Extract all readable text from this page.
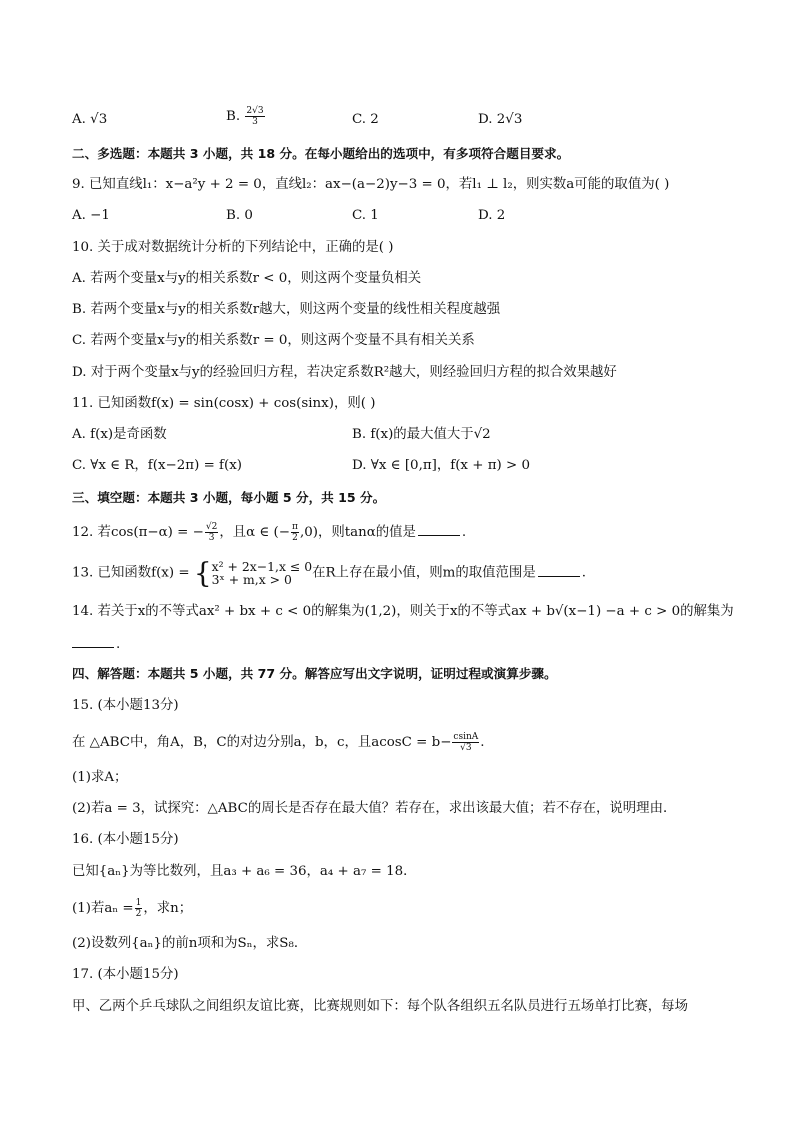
A. √3	B. $\frac{2√3}{3}$	C. 2	D. 2√3
二、多选题：本题共 3 小题，共 18 分。在每小题给出的选项中，有多项符合题目要求。
9. 已知直线l₁：x−a²y + 2 = 0，直线l₂：ax−(a−2)y−3 = 0，若l₁ ⊥ l₂，则实数a可能的取值为( )
A. −1	B. 0	C. 1	D. 2
10. 关于成对数据统计分析的下列结论中，正确的是( )
A. 若两个变量x与y的相关系数r < 0，则这两个变量负相关
B. 若两个变量x与y的相关系数r越大，则这两个变量的线性相关程度越强
C. 若两个变量x与y的相关系数r = 0，则这两个变量不具有相关关系
D. 对于两个变量x与y的经验回归方程，若决定系数R²越大，则经验回归方程的拟合效果越好
11. 已知函数f(x) = sin(cosx) + cos(sinx)，则( )
A. f(x)是奇函数	B. f(x)的最大值大于√2
C. ∀x ∈ R，f(x−2π) = f(x)	D. ∀x ∈ [0,π]，f(x + π) > 0
三、填空题：本题共 3 小题，每小题 5 分，共 15 分。
12. 若cos(π−α) = − $\frac{√2}{3}$ ，且α ∈ (− $\frac{\pi}{2} ,0$)，则tanα的值是	.
13. 已知函数f(x) = { x² + 2x−1,x ≤ 0
3ˣ + m,x > 0	在R上存在最小值，则m的取值范围是	.
14. 若关于x的不等式ax² + bx + c < 0的解集为(1,2)，则关于x的不等式ax + b√(x−1) −a + c > 0的解集为
.
四、解答题：本题共 5 小题，共 77 分。解答应写出文字说明，证明过程或演算步骤。
15. (本小题13分)
在 △ABC中，角A，B，C的对边分别a，b，c，且$acosC = b- \frac{csinA}{√3}$ .
(1)求A；
(2)若a = 3，试探究：△ABC的周长是否存在最大值？若存在，求出该最大值；若不存在，说明理由．
16. (本小题15分)
已知{aₙ}为等比数列，且a₃ + a₆ = 36，a₄ + a₇ = 18．
(1)若$a_n = \frac{1}{2}$ ，求n；
(2)设数列{aₙ}的前n项和为Sₙ，求S₈．
17. (本小题15分)
甲、乙两个乒乓球队之间组织友谊比赛，比赛规则如下：每个队各组织五名队员进行五场单打比赛，每场
